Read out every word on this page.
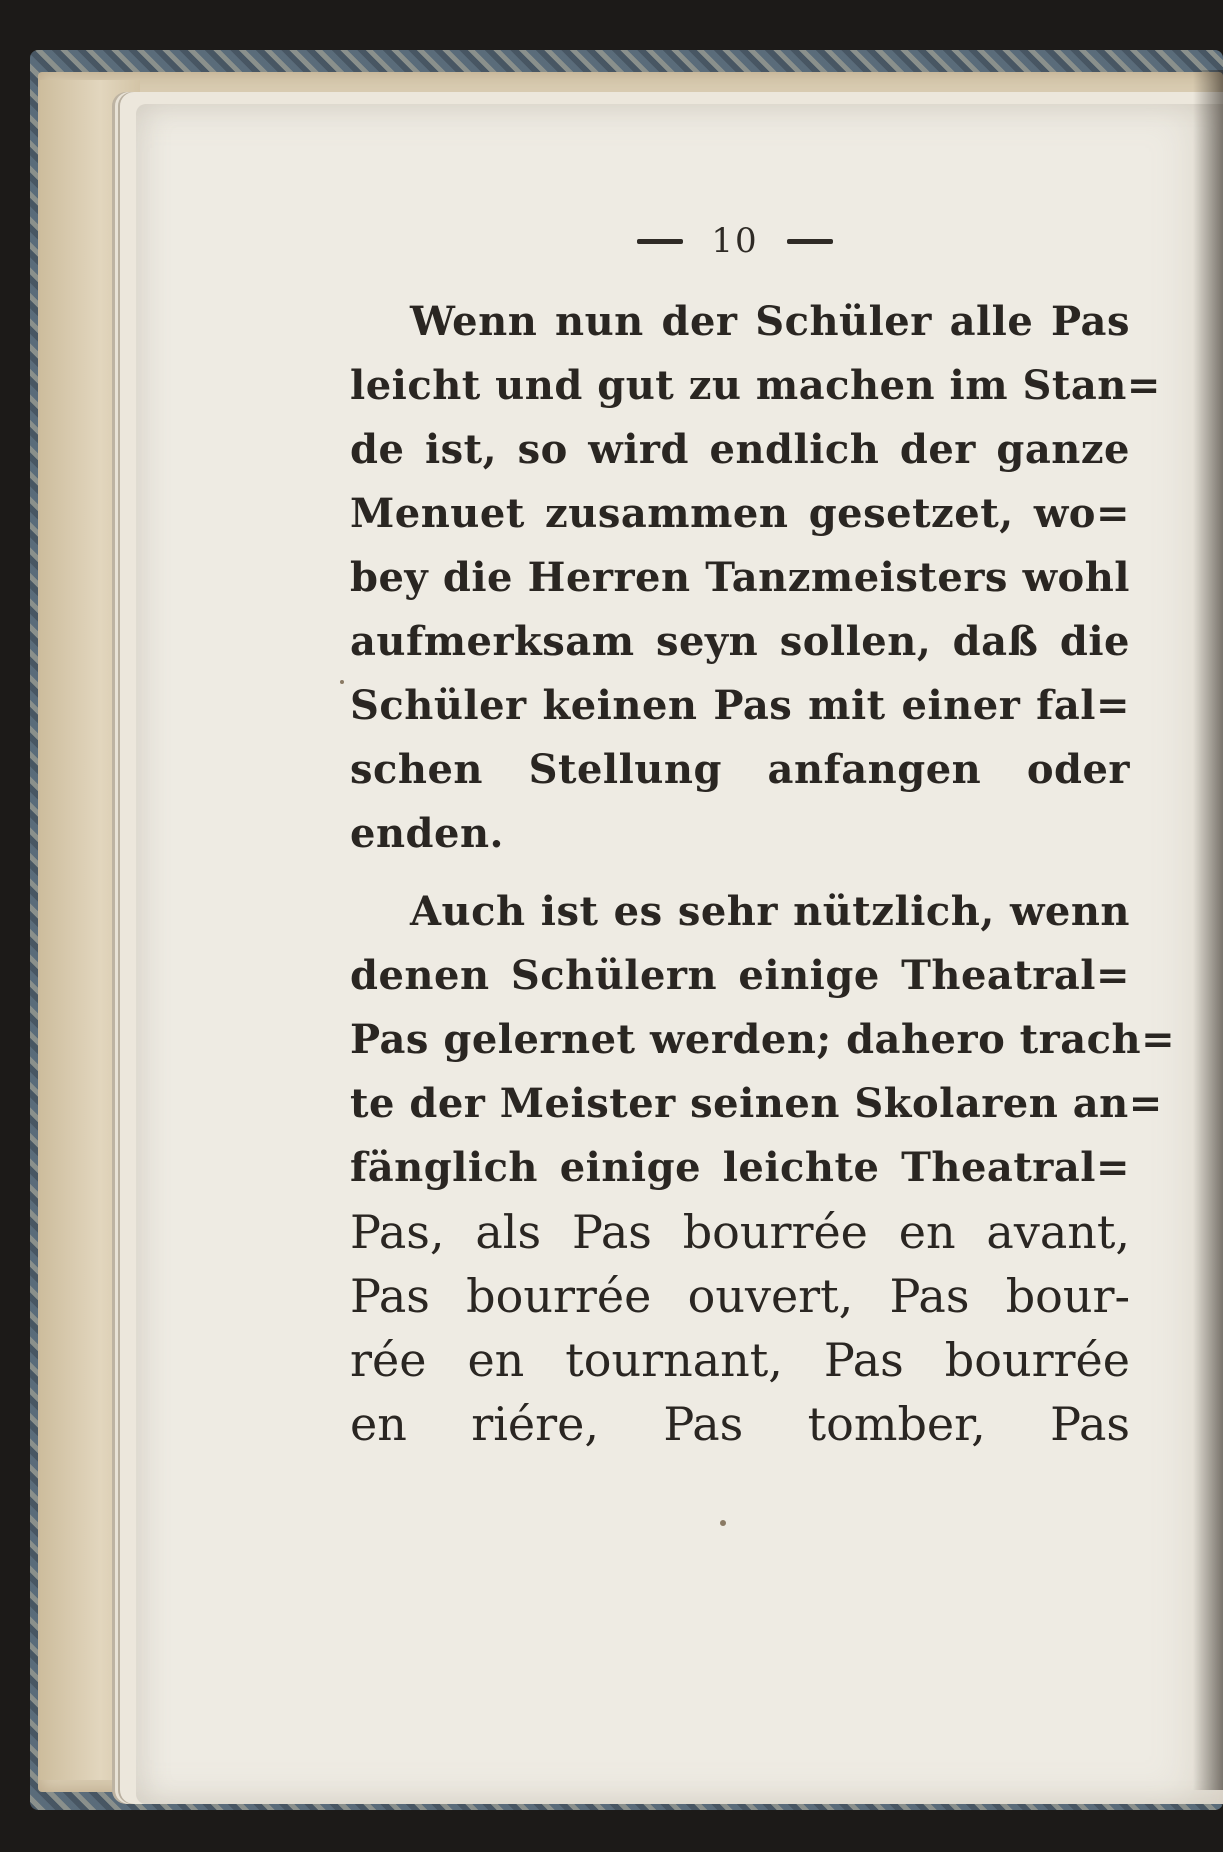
10
Wenn nun der Schüler alle Pas
leicht und gut zu machen im Stan=
de ist, so wird endlich der ganze
Menuet zusammen gesetzet, wo=
bey die Herren Tanzmeisters wohl
aufmerksam seyn sollen, daß die
Schüler keinen Pas mit einer fal=
schen Stellung anfangen oder
enden.
Auch ist es sehr nützlich, wenn
denen Schülern einige Theatral=
Pas gelernet werden; dahero trach=
te der Meister seinen Skolaren an=
fänglich einige leichte Theatral=
Pas, als Pas bourrée en avant,
Pas bourrée ouvert, Pas bour-
rée en tournant, Pas bourrée
en riére, Pas tomber, Pas
